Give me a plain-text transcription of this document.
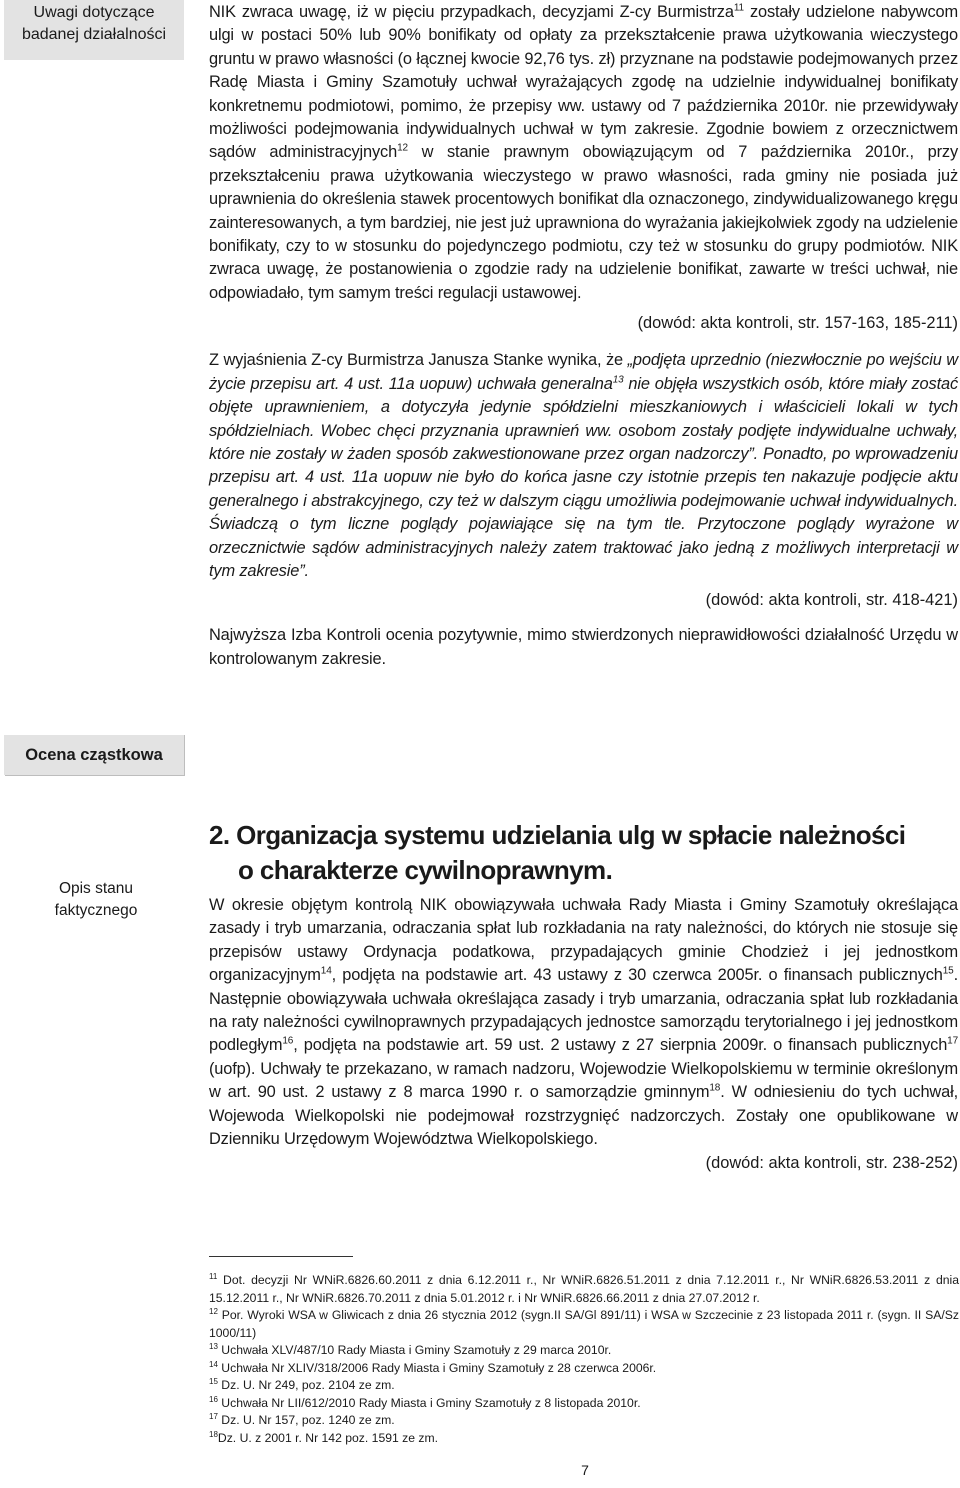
Uwagi dotyczące badanej działalności
Ocena cząstkowa
Opis stanu faktycznego

NIK zwraca uwagę, iż w pięciu przypadkach, decyzjami Z-cy Burmistrza$^{11}$ zostały udzielone nabywcom ulgi w postaci 50% lub 90% bonifikaty od opłaty za przekształcenie prawa użytkowania wieczystego gruntu w prawo własności (o łącznej kwocie 92,76 tys. zł) przyznane na podstawie podejmowanych przez Radę Miasta i Gminy Szamotuły uchwał wyrażających zgodę na udzielnie indywidualnej bonifikaty konkretnemu podmiotowi, pomimo, że przepisy ww. ustawy od 7 października 2010r. nie przewidywały możliwości podejmowania indywidualnych uchwał w tym zakresie. Zgodnie bowiem z orzecznictwem sądów administracyjnych$^{12}$ w stanie prawnym obowiązującym od 7 października 2010r., przy przekształceniu prawa użytkowania wieczystego w prawo własności, rada gminy nie posiada już uprawnienia do określenia stawek procentowych bonifikat dla oznaczonego, zindywidualizowanego kręgu zainteresowanych, a tym bardziej, nie jest już uprawniona do wyrażania jakiejkolwiek zgody na udzielenie bonifikaty, czy to w stosunku do pojedynczego podmiotu, czy też w stosunku do grupy podmiotów. NIK zwraca uwagę, że postanowienia o zgodzie rady na udzielenie bonifikat, zawarte w treści uchwał, nie odpowiadało, tym samym treści regulacji ustawowej.

(dowód: akta kontroli, str. 157-163, 185-211)

Z wyjaśnienia Z-cy Burmistrza Janusza Stanke wynika, że „podjęta uprzednio (niezwłocznie po wejściu w życie przepisu art. 4 ust. 11a uopuw) uchwała generalna$^{13}$ nie objęła wszystkich osób, które miały zostać objęte uprawnieniem, a dotyczyła jedynie spółdzielni mieszkaniowych i właścicieli lokali w tych spółdzielniach. Wobec chęci przyznania uprawnień ww. osobom zostały podjęte indywidualne uchwały, które nie zostały w żaden sposób zakwestionowane przez organ nadzorczy”. Ponadto, po wprowadzeniu przepisu art. 4 ust. 11a uopuw nie było do końca jasne czy istotnie przepis ten nakazuje podjęcie aktu generalnego i abstrakcyjnego, czy też w dalszym ciągu umożliwia podejmowanie uchwał indywidualnych. Świadczą o tym liczne poglądy pojawiające się na tym tle. Przytoczone poglądy wyrażone w orzecznictwie sądów administracyjnych należy zatem traktować jako jedną z możliwych interpretacji w tym zakresie”.

(dowód: akta kontroli, str. 418-421)

Najwyższa Izba Kontroli ocenia pozytywnie, mimo stwierdzonych nieprawidłowości działalność Urzędu w kontrolowanym zakresie.

2. Organizacja systemu udzielania ulg w spłacie należności
o charakterze cywilnoprawnym.

W okresie objętym kontrolą NIK obowiązywała uchwała Rady Miasta i Gminy Szamotuły określająca zasady i tryb umarzania, odraczania spłat lub rozkładania na raty należności, do których nie stosuje się przepisów ustawy Ordynacja podatkowa, przypadających gminie Chodzież i jej jednostkom organizacyjnym$^{14}$, podjęta na podstawie art. 43 ustawy z 30 czerwca 2005r. o finansach publicznych$^{15}$. Następnie obowiązywała uchwała określająca zasady i tryb umarzania, odraczania spłat lub rozkładania na raty należności cywilnoprawnych przypadających jednostce samorządu terytorialnego i jej jednostkom podległym$^{16}$, podjęta na podstawie art. 59 ust. 2 ustawy z 27 sierpnia 2009r. o finansach publicznych$^{17}$ (uofp). Uchwały te przekazano, w ramach nadzoru, Wojewodzie Wielkopolskiemu w terminie określonym w art. 90 ust. 2 ustawy z 8 marca 1990 r. o samorządzie gminnym$^{18}$. W odniesieniu do tych uchwał, Wojewoda Wielkopolski nie podejmował rozstrzygnięć nadzorczych. Zostały one opublikowane w Dzienniku Urzędowym Województwa Wielkopolskiego.

(dowód: akta kontroli, str. 238-252)

$^{11}$ Dot. decyzji Nr WNiR.6826.60.2011 z dnia 6.12.2011 r., Nr WNiR.6826.51.2011 z dnia 7.12.2011 r., Nr WNiR.6826.53.2011 z dnia 15.12.2011 r., Nr WNiR.6826.70.2011 z dnia 5.01.2012 r. i Nr WNiR.6826.66.2011 z dnia 27.07.2012 r.

$^{12}$ Por. Wyroki WSA w Gliwicach z dnia 26 stycznia 2012 (sygn.II SA/Gl 891/11) i WSA w Szczecinie z 23 listopada 2011 r. (sygn. II SA/Sz 1000/11)

$^{13}$ Uchwała XLV/487/10 Rady Miasta i Gminy Szamotuły z 29 marca 2010r.

$^{14}$ Uchwała Nr XLIV/318/2006 Rady Miasta i Gminy Szamotuły z 28 czerwca 2006r.

$^{15}$ Dz. U. Nr 249, poz. 2104 ze zm.

$^{16}$ Uchwała Nr LII/612/2010 Rady Miasta i Gminy Szamotuły z 8 listopada 2010r.

$^{17}$ Dz. U. Nr 157, poz. 1240 ze zm.

$^{18}$Dz. U. z 2001 r. Nr 142 poz. 1591 ze zm.

7
